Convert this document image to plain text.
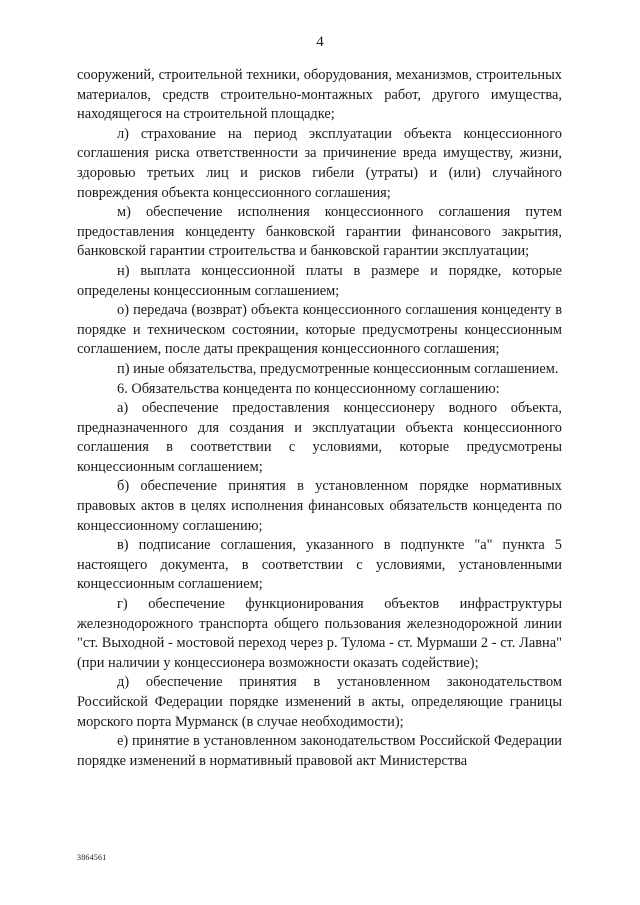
4

сооружений, строительной техники, оборудования, механизмов, строительных материалов, средств строительно-монтажных работ, другого имущества, находящегося на строительной площадке;

л) страхование на период эксплуатации объекта концессионного соглашения риска ответственности за причинение вреда имуществу, жизни, здоровью третьих лиц и рисков гибели (утраты) и (или) случайного повреждения объекта концессионного соглашения;

м) обеспечение исполнения концессионного соглашения путем предоставления концеденту банковской гарантии финансового закрытия, банковской гарантии строительства и банковской гарантии эксплуатации;

н) выплата концессионной платы в размере и порядке, которые определены концессионным соглашением;

о) передача (возврат) объекта концессионного соглашения концеденту в порядке и техническом состоянии, которые предусмотрены концессионным соглашением, после даты прекращения концессионного соглашения;

п) иные обязательства, предусмотренные концессионным соглашением.

6. Обязательства концедента по концессионному соглашению:

а) обеспечение предоставления концессионеру водного объекта, предназначенного для создания и эксплуатации объекта концессионного соглашения в соответствии с условиями, которые предусмотрены концессионным соглашением;

б) обеспечение принятия в установленном порядке нормативных правовых актов в целях исполнения финансовых обязательств концедента по концессионному соглашению;

в) подписание соглашения, указанного в подпункте "а" пункта 5 настоящего документа, в соответствии с условиями, установленными концессионным соглашением;

г) обеспечение функционирования объектов инфраструктуры железнодорожного транспорта общего пользования железнодорожной линии "ст. Выходной - мостовой переход через р. Тулома - ст. Мурмаши 2 - ст. Лавна" (при наличии у концессионера возможности оказать содействие);

д) обеспечение принятия в установленном законодательством Российской Федерации порядке изменений в акты, определяющие границы морского порта Мурманск (в случае необходимости);

е) принятие в установленном законодательством Российской Федерации порядке изменений в нормативный правовой акт Министерства

3864561
